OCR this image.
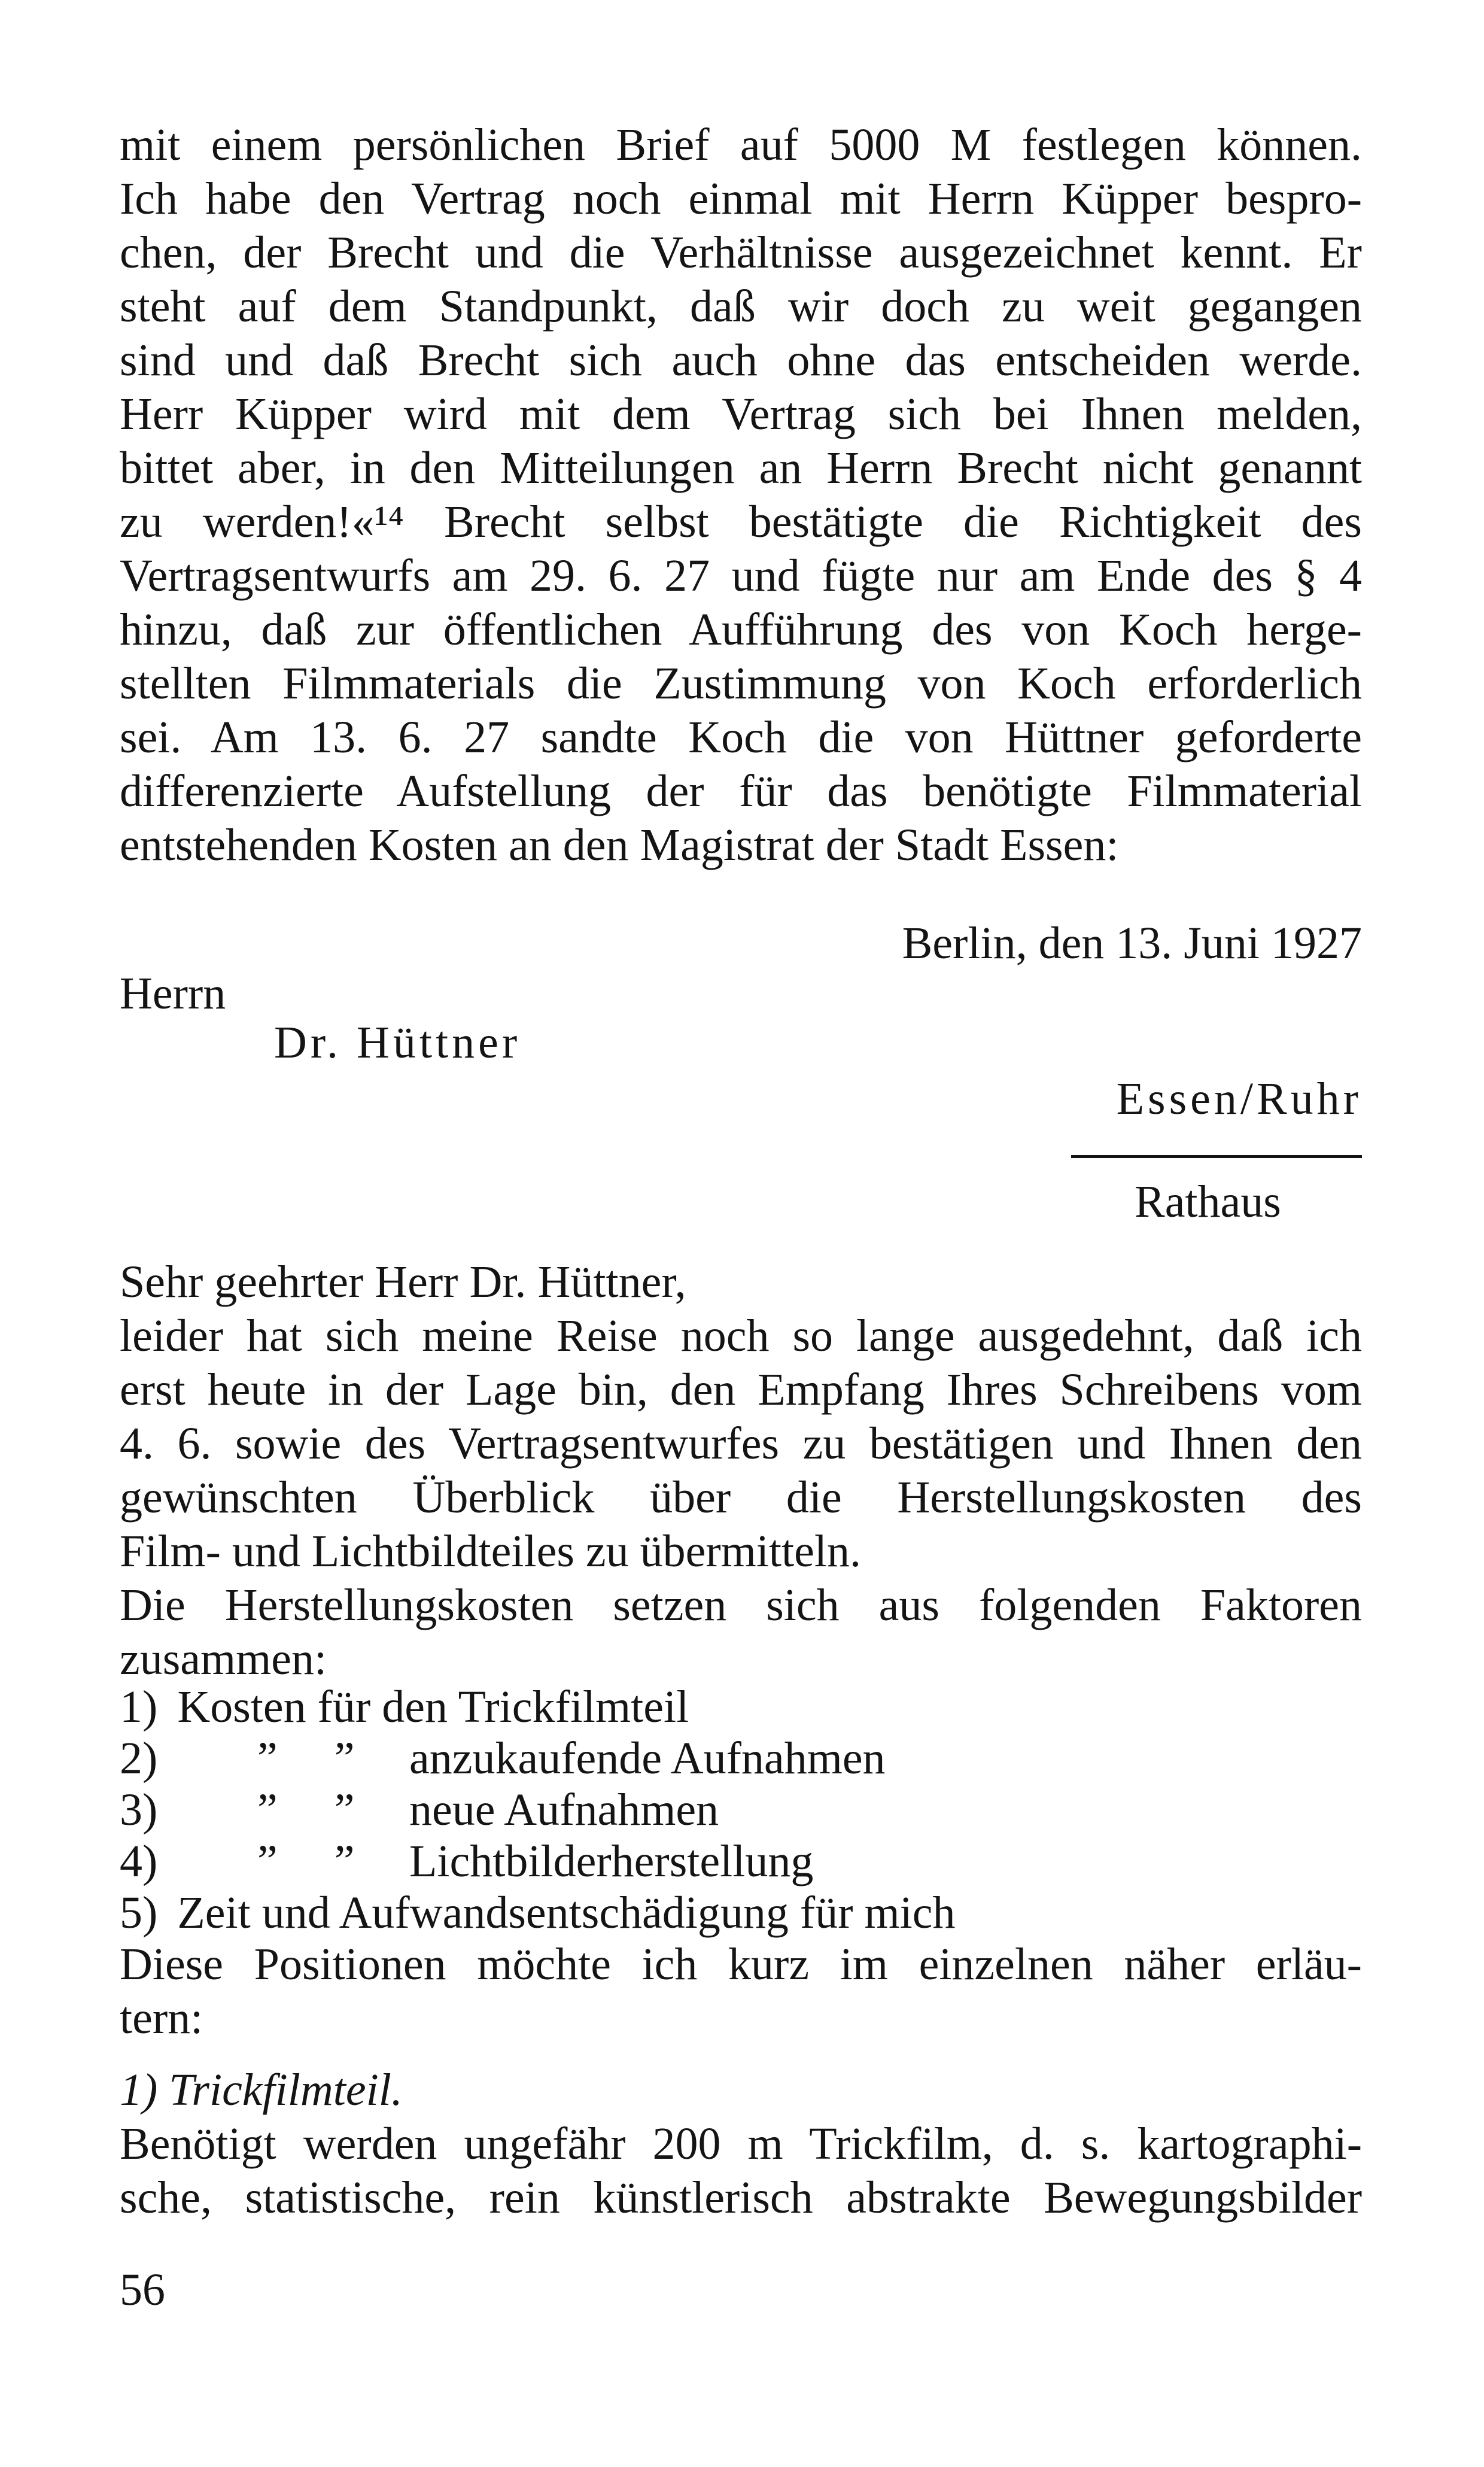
mit einem persönlichen Brief auf 5000 M festlegen können.
Ich habe den Vertrag noch einmal mit Herrn Küpper bespro-
chen, der Brecht und die Verhältnisse ausgezeichnet kennt. Er
steht auf dem Standpunkt, daß wir doch zu weit gegangen
sind und daß Brecht sich auch ohne das entscheiden werde.
Herr Küpper wird mit dem Vertrag sich bei Ihnen melden,
bittet aber, in den Mitteilungen an Herrn Brecht nicht genannt
zu werden!«¹⁴ Brecht selbst bestätigte die Richtigkeit des
Vertragsentwurfs am 29. 6. 27 und fügte nur am Ende des § 4
hinzu, daß zur öffentlichen Aufführung des von Koch herge-
stellten Filmmaterials die Zustimmung von Koch erforderlich
sei. Am 13. 6. 27 sandte Koch die von Hüttner geforderte
differenzierte Aufstellung der für das benötigte Filmmaterial
entstehenden Kosten an den Magistrat der Stadt Essen:
Berlin, den 13. Juni 1927
Herrn
Dr. Hüttner
Essen/Ruhr
Rathaus
Sehr geehrter Herr Dr. Hüttner,
leider hat sich meine Reise noch so lange ausgedehnt, daß ich
erst heute in der Lage bin, den Empfang Ihres Schreibens vom
4. 6. sowie des Vertragsentwurfes zu bestätigen und Ihnen den
gewünschten Überblick über die Herstellungskosten des
Film- und Lichtbildteiles zu übermitteln.
Die Herstellungskosten setzen sich aus folgenden Faktoren
zusammen:
1) Kosten für den Trickfilmteil
2) ”     ” anzukaufende Aufnahmen
3) ”     ” neue Aufnahmen
4) ”     ” Lichtbilderherstellung
5) Zeit und Aufwandsentschädigung für mich
Diese Positionen möchte ich kurz im einzelnen näher erläu-
tern:
1) Trickfilmteil.
Benötigt werden ungefähr 200 m Trickfilm, d. s. kartographi-
sche, statistische, rein künstlerisch abstrakte Bewegungsbilder
56
